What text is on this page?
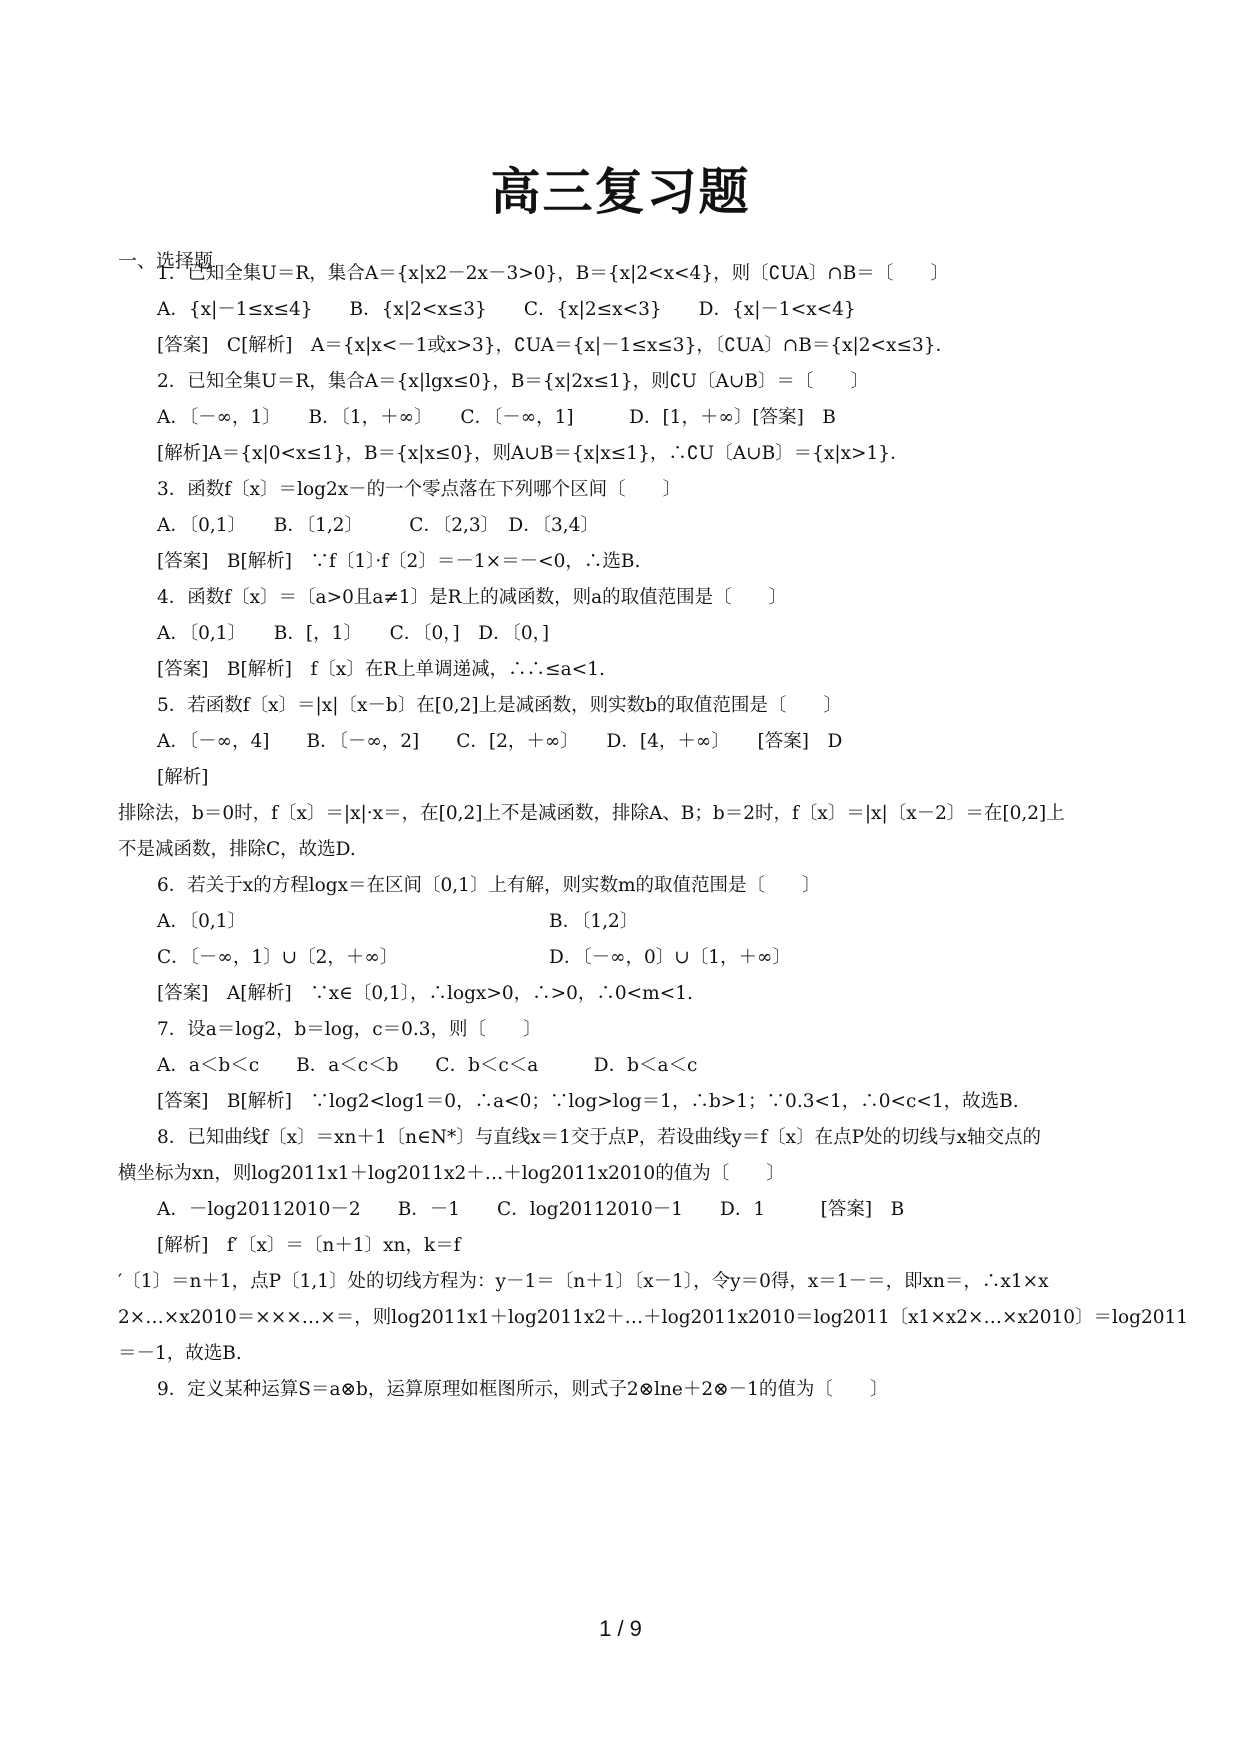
高三复习题
一、选择题
1．已知全集U＝R，集合A＝{x|x2－2x－3>0}，B＝{x|2<x<4}，则〔∁UA〕∩B＝〔　　〕
A．{x|－1≤x≤4}　　B．{x|2<x≤3}　　C．{x|2≤x<3}　　D．{x|－1<x<4}
[答案]　C[解析]　A＝{x|x<－1或x>3}，∁UA＝{x|－1≤x≤3}，〔∁UA〕∩B＝{x|2<x≤3}．
2．已知全集U＝R，集合A＝{x|lgx≤0}，B＝{x|2x≤1}，则∁U〔A∪B〕＝〔　　〕
A．〔－∞，1〕　　B．〔1，＋∞〕　　C．〔－∞，1]　　　D．[1，＋∞〕[答案]　B
[解析]A＝{x|0<x≤1}，B＝{x|x≤0}，则A∪B＝{x|x≤1}，∴∁U〔A∪B〕＝{x|x>1}．
3．函数f〔x〕＝log2x－的一个零点落在下列哪个区间〔　　〕
A．〔0,1〕　　B．〔1,2〕　　　C．〔2,3〕　D．〔3,4〕
[答案]　B[解析]　∵f〔1〕·f〔2〕＝－1×＝－<0，∴选B.
4．函数f〔x〕＝〔a>0且a≠1〕是R上的减函数，则a的取值范围是〔　　〕
A．〔0,1〕　　B．[，1〕　　C．〔0，]　D．〔0，]
[答案]　B[解析]　f〔x〕在R上单调递减，∴∴≤a<1.
5．若函数f〔x〕＝|x|〔x－b〕在[0,2]上是减函数，则实数b的取值范围是〔　　〕
A．〔－∞，4]　　B．〔－∞，2]　　C．[2，＋∞〕　　D．[4，＋∞〕　　[答案]　D
[解析]
排除法，b＝0时，f〔x〕＝|x|·x＝，在[0,2]上不是减函数，排除A、B；b＝2时，f〔x〕＝|x|〔x－2〕＝在[0,2]上
不是减函数，排除C，故选D.
6．若关于x的方程logx＝在区间〔0,1〕上有解，则实数m的取值范围是〔　　〕
A．〔0,1〕	B．〔1,2〕
C．〔－∞，1〕∪〔2，＋∞〕	D．〔－∞，0〕∪〔1，＋∞〕
[答案]　A[解析]　∵x∈〔0,1〕，∴logx>0，∴>0，∴0<m<1.
7．设a＝log2，b＝log，c＝0.3，则〔　　〕
A．a＜b＜c　　B．a＜c＜b　　C．b＜c＜a　　　D．b＜a＜c
[答案]　B[解析]　∵log2<log1＝0，∴a<0；∵log>log＝1，∴b>1；∵0.3<1，∴0<c<1，故选B.
8．已知曲线f〔x〕＝xn＋1〔n∈N*〕与直线x＝1交于点P，若设曲线y＝f〔x〕在点P处的切线与x轴交点的
横坐标为xn，则log2011x1＋log2011x2＋…＋log2011x2010的值为〔　　〕
A．－log20112010－2　　B．－1　　C．log20112010－1　　D．1　　　[答案]　B
[解析]　f′〔x〕＝〔n＋1〕xn，k＝f
′〔1〕＝n＋1，点P〔1,1〕处的切线方程为：y－1＝〔n＋1〕〔x－1〕，令y＝0得，x＝1－＝，即xn＝，∴x1×x
2×…×x2010＝×××…×＝，则log2011x1＋log2011x2＋…＋log2011x2010＝log2011〔x1×x2×…×x2010〕＝log2011
＝－1，故选B.
9．定义某种运算S＝a⊗b，运算原理如框图所示，则式子2⊗lne＋2⊗－1的值为〔　　〕
1 / 9
